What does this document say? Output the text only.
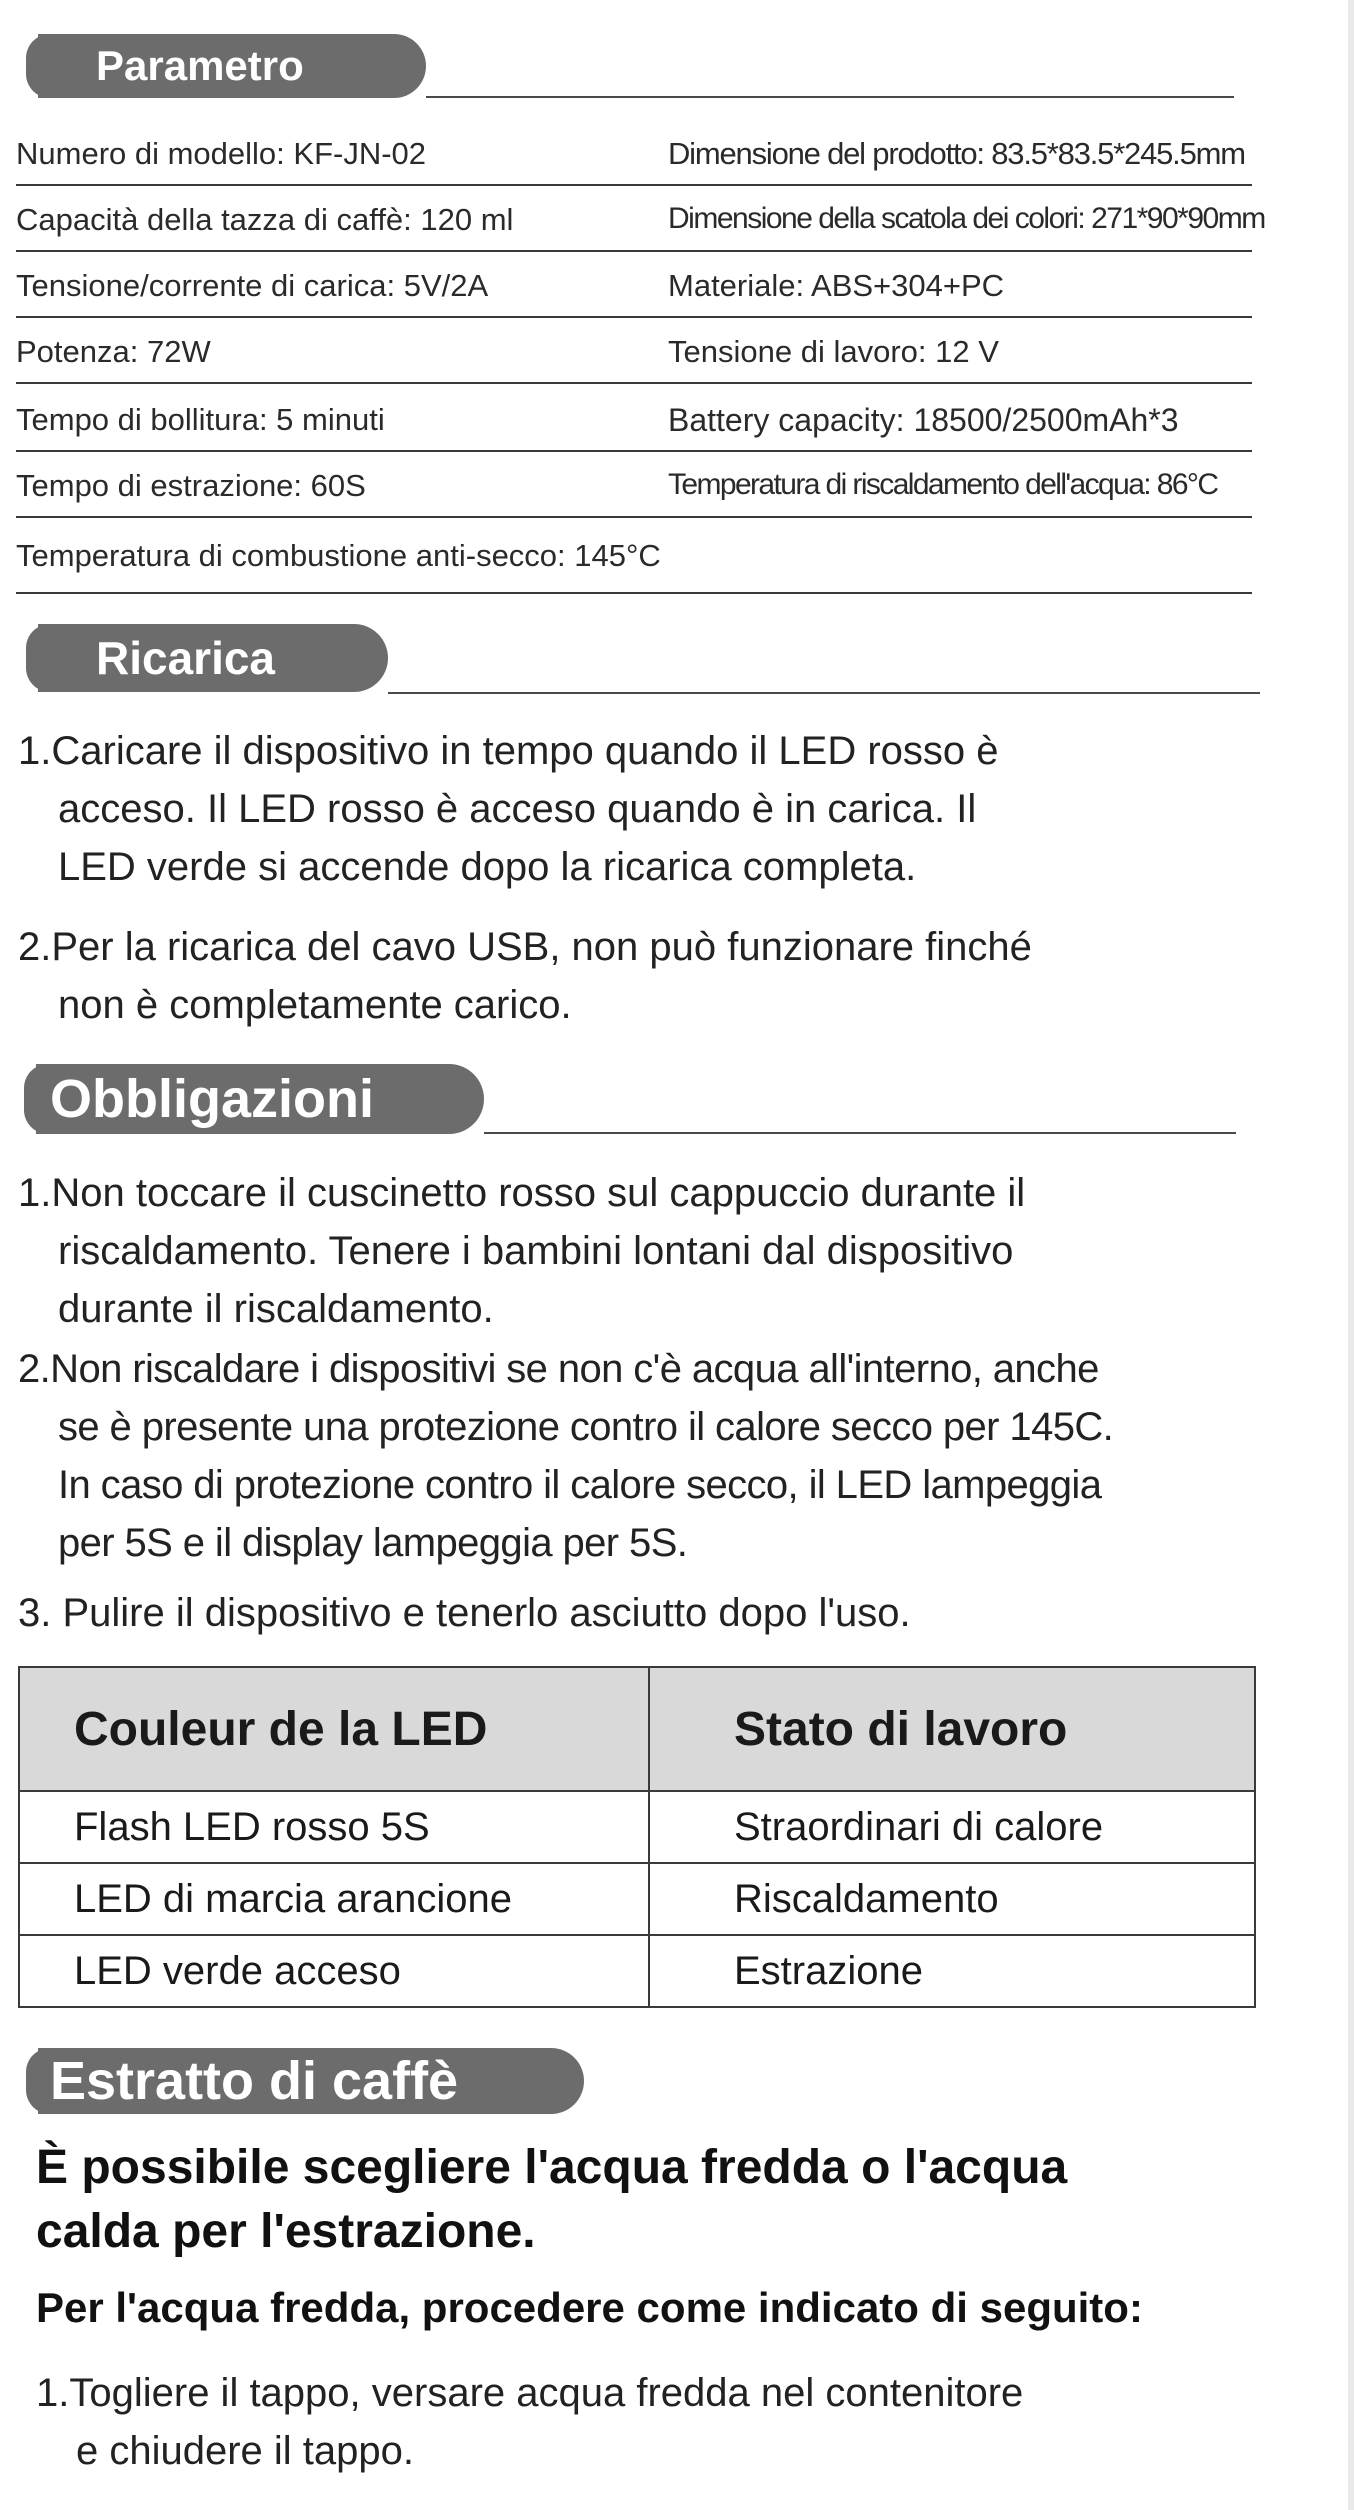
Parametro
Numero di modello: KF-JN-02	Dimensione del prodotto: 83.5*83.5*245.5mm
Capacità della tazza di caffè: 120 ml	Dimensione della scatola dei colori: 271*90*90mm
Tensione/corrente di carica: 5V/2A	Materiale: ABS+304+PC
Potenza: 72W	Tensione di lavoro: 12 V
Tempo di bollitura: 5 minuti	Battery capacity: 18500/2500mAh*3
Tempo di estrazione: 60S	Temperatura di riscaldamento dell'acqua: 86°C
Temperatura di combustione anti-secco: 145°C
Ricarica
1.Caricare il dispositivo in tempo quando il LED rosso è
acceso. Il LED rosso è acceso quando è in carica. Il
LED verde si accende dopo la ricarica completa.
2.Per la ricarica del cavo USB, non può funzionare finché
non è completamente carico.
Obbligazioni
1.Non toccare il cuscinetto rosso sul cappuccio durante il
riscaldamento. Tenere i bambini lontani dal dispositivo
durante il riscaldamento.
2.Non riscaldare i dispositivi se non c'è acqua all'interno, anche
se è presente una protezione contro il calore secco per 145C.
In caso di protezione contro il calore secco, il LED lampeggia
per 5S e il display lampeggia per 5S.
3. Pulire il dispositivo e tenerlo asciutto dopo l'uso.
Couleur de la LED	Stato di lavoro
Flash LED rosso 5S	Straordinari di calore
LED di marcia arancione	Riscaldamento
LED verde acceso	Estrazione
Estratto di caffè
È possibile scegliere l'acqua fredda o l'acqua
calda per l'estrazione.
Per l'acqua fredda, procedere come indicato di seguito:
1.Togliere il tappo, versare acqua fredda nel contenitore
e chiudere il tappo.
